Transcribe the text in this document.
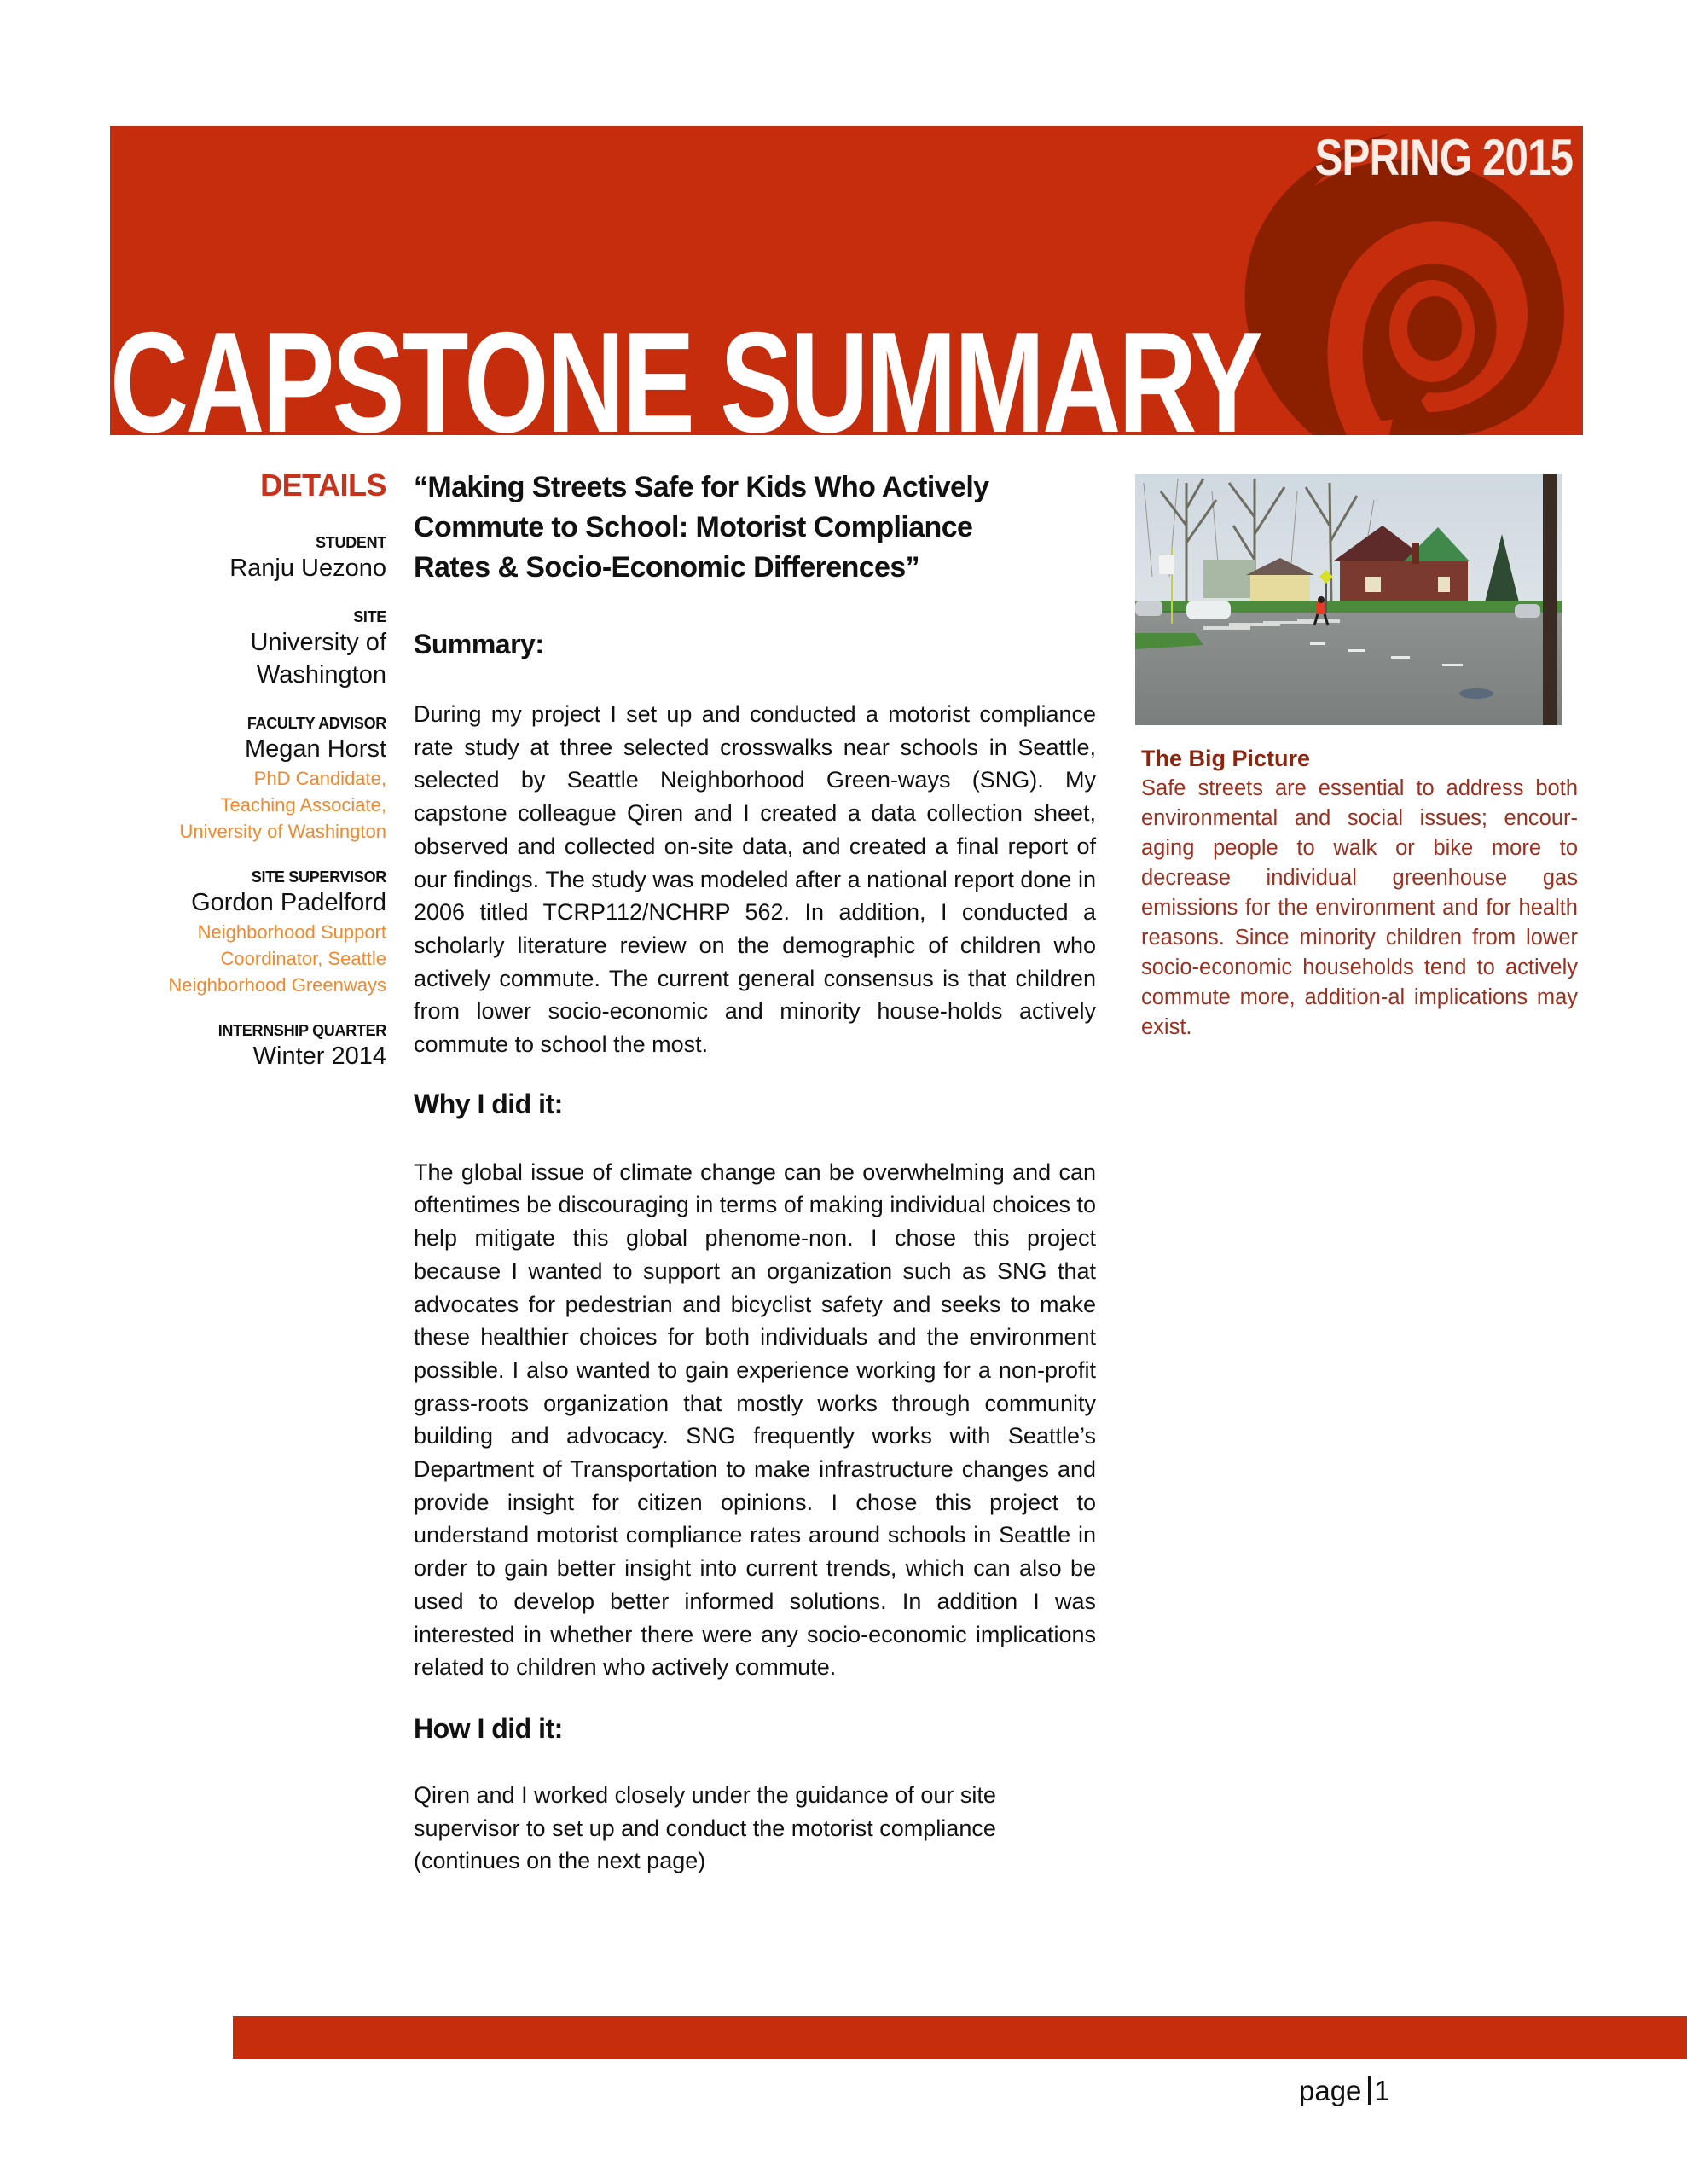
SPRING 2015
CAPSTONE SUMMARY
DETAILS
STUDENT
Ranju Uezono
SITE
University of
Washington
FACULTY ADVISOR
Megan Horst
PhD Candidate,
Teaching Associate,
University of Washington
SITE SUPERVISOR
Gordon Padelford
Neighborhood Support
Coordinator, Seattle
Neighborhood Greenways
INTERNSHIP QUARTER
Winter 2014
“Making Streets Safe for Kids Who Actively
Commute to School: Motorist Compliance
Rates & Socio-Economic Differences”
Summary:

During my project I set up and conducted a motorist compliance rate study at three selected crosswalks near schools in Seattle, selected by Seattle Neighborhood Green-ways (SNG). My capstone colleague Qiren and I created a data collection sheet, observed and collected on-site data, and created a final report of our findings. The study was modeled after a national report done in 2006 titled TCRP112/NCHRP 562. In addition, I conducted a scholarly literature review on the demographic of children who actively commute. The current general consensus is that children from lower socio-economic and minority house-holds actively commute to school the most.

Why I did it:

The global issue of climate change can be overwhelming and can oftentimes be discouraging in terms of making individual choices to help mitigate this global phenome-non. I chose this project because I wanted to support an organization such as SNG that advocates for pedestrian and bicyclist safety and seeks to make these healthier choices for both individuals and the environment possible. I also wanted to gain experience working for a non-profit grass-roots organization that mostly works through community building and advocacy. SNG frequently works with Seattle’s Department of Transportation to make infrastructure changes and provide insight for citizen opinions. I chose this project to understand motorist compliance rates around schools in Seattle in order to gain better insight into current trends, which can also be used to develop better informed solutions. In addition I was interested in whether there were any socio-economic implications related to children who actively commute.

How I did it:

Qiren and I worked closely under the guidance of our site
supervisor to set up and conduct the motorist compliance
(continues on the next page)

The Big Picture
Safe streets are essential to address both environmental and social issues; encour-aging people to walk or bike more to decrease individual greenhouse gas emissions for the environment and for health reasons. Since minority children from lower socio-economic households tend to actively commute more, addition-al implications may exist.
page 1
